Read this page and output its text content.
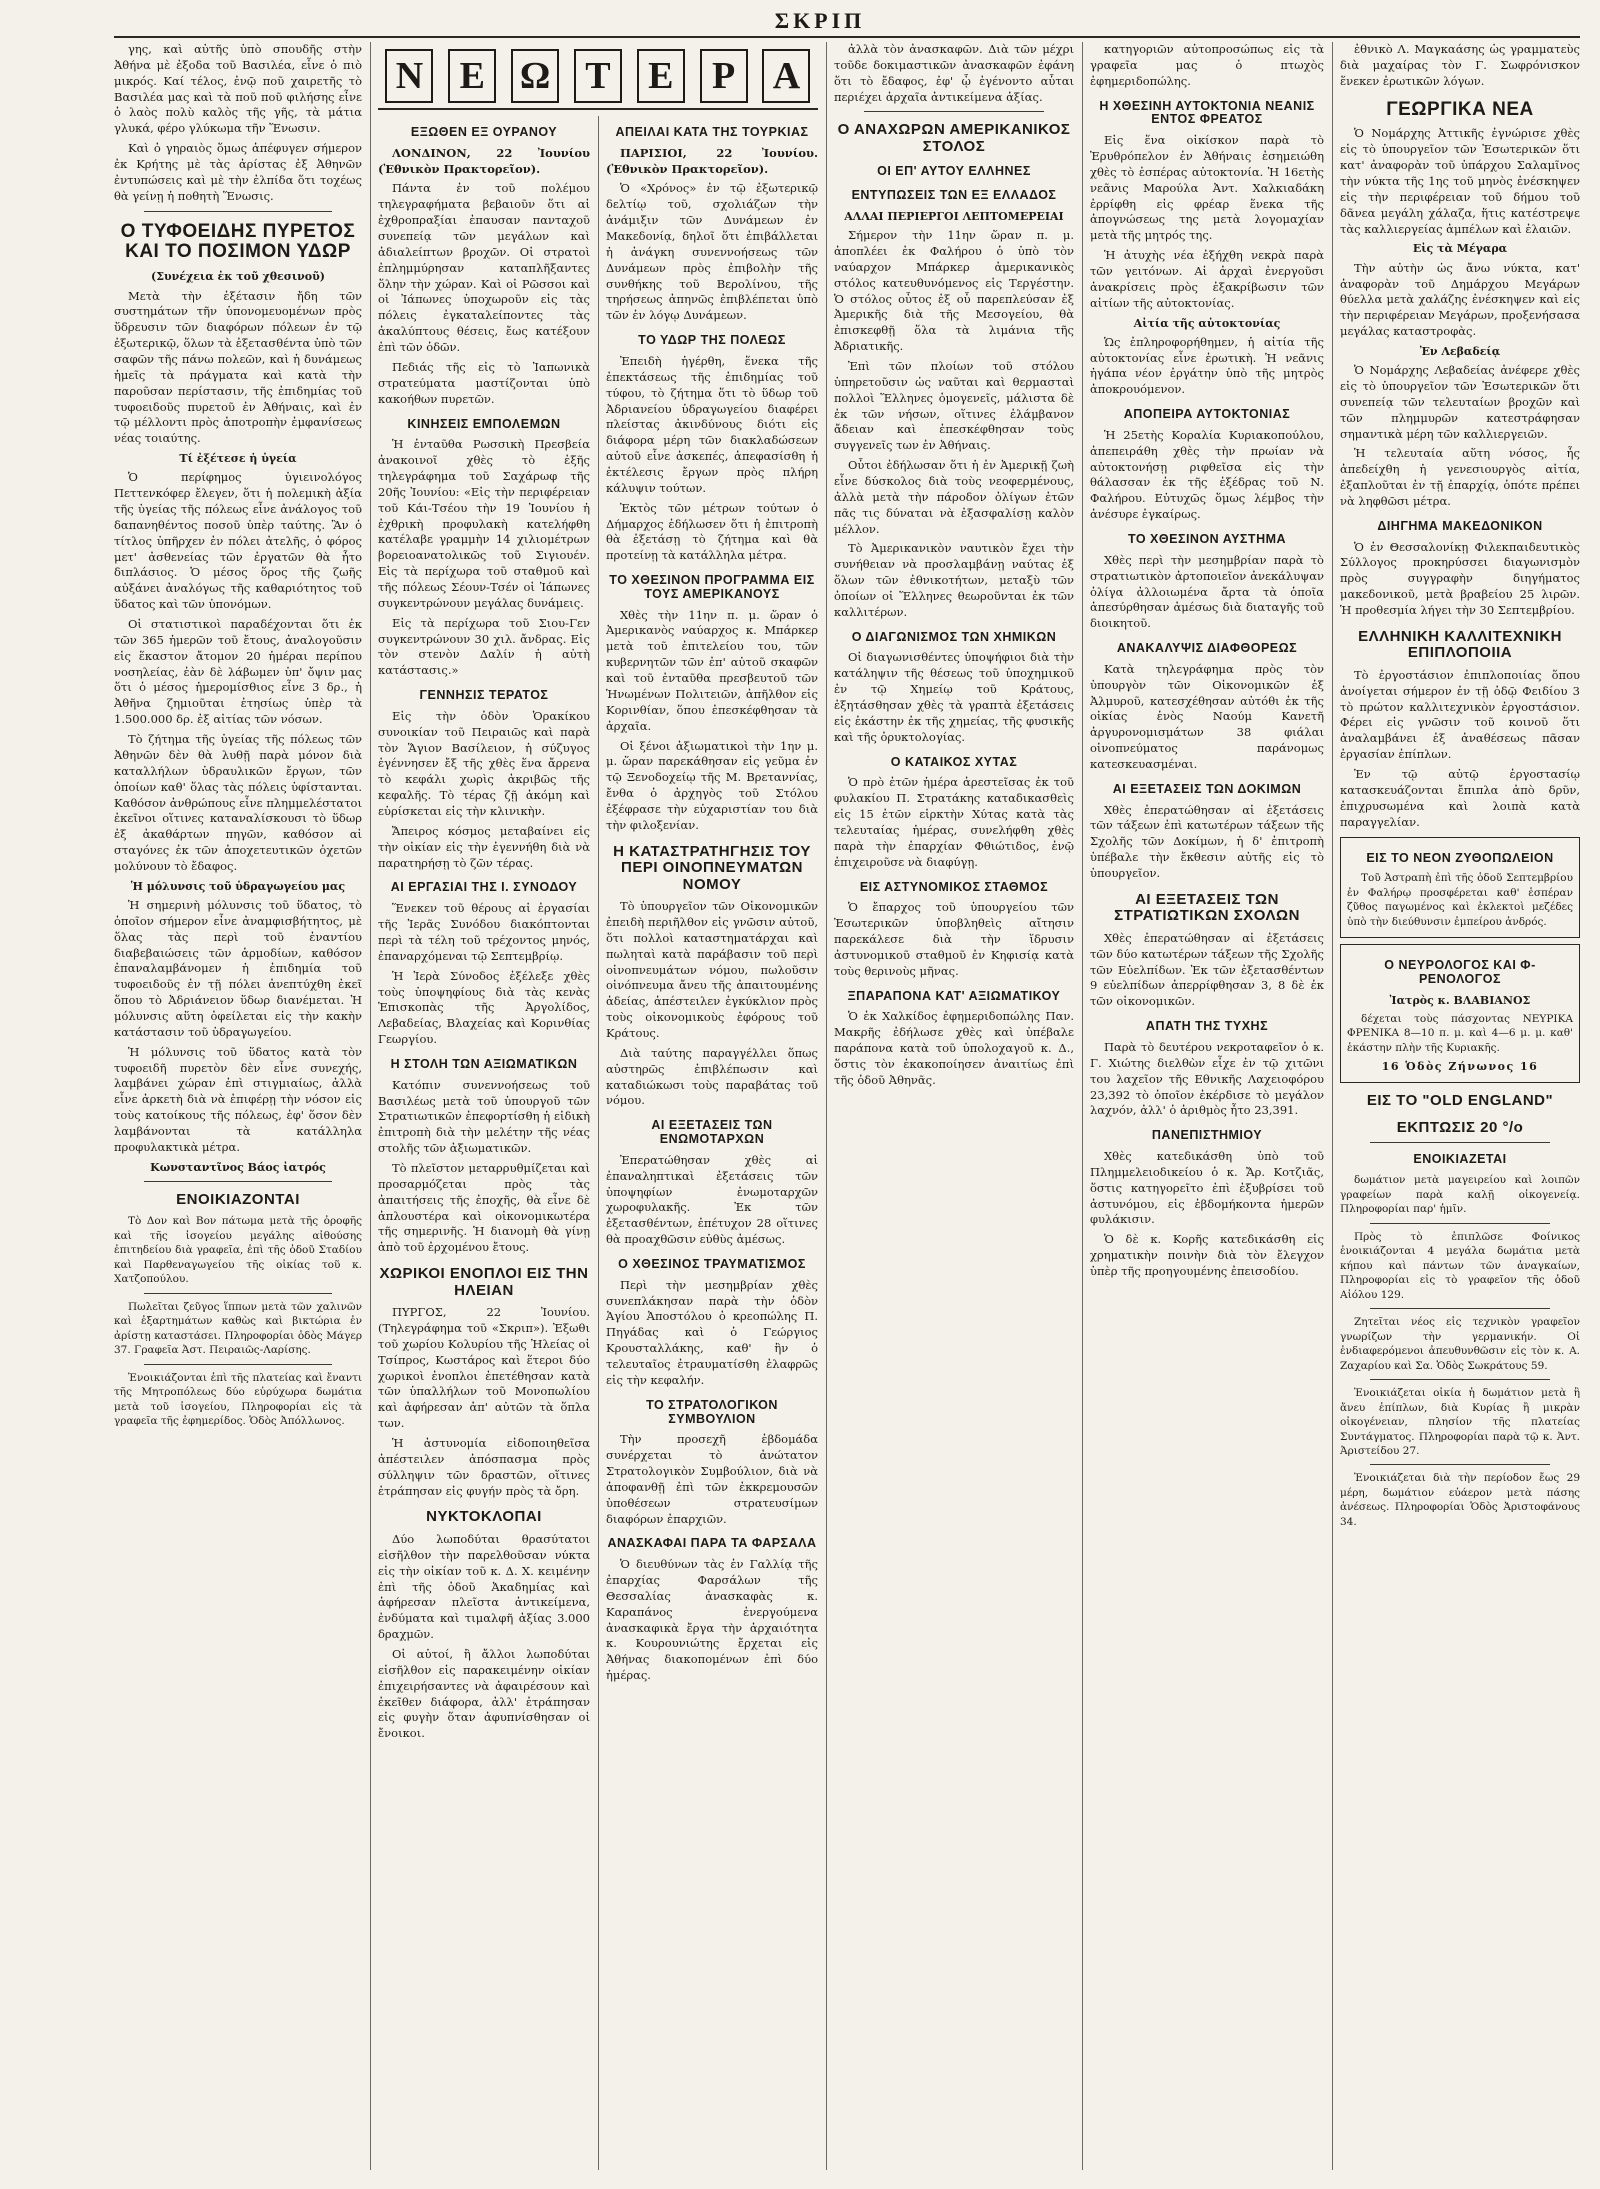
ΣΚΡΙΠ
Ν Ε Ω Τ Ε	Ρ Α

γης, καὶ αὐτῆς ὑπὸ σπουδῆς στὴν Ἀθήνα μὲ ἐξοδα τοῦ Βασιλέα, εἶνε ὁ πιὸ μικρός. Καί τέλος, ἐνῷ ποῦ χαιρετῆς τὸ Βασιλέα μας καὶ τὰ ποῦ ποῦ φιλήσης εἶνε ὁ λαὸς πολὺ καλὸς τῆς γῆς, τὰ μάτια γλυκά, φέρο γλύκωμα τῆν Ἕνωσιν.

Καὶ ὁ γηραιὸς ὅμως ἀπέφυγεν σήμερον ἐκ Κρήτης μὲ τὰς ἀρίστας ἐξ Ἀθηνῶν ἐντυπώσεις καὶ μὲ τὴν ἐλπίδα ὅτι τοχέως θὰ γείνῃ ἡ ποθητὴ Ἕνωσις.

Ο ΤΥΦΟΕΙΔΗΣ ΠΥΡΕΤΟΣ ΚΑΙ ΤΟ ΠΟΣΙΜΟΝ ΥΔΩΡ
(Συνέχεια ἐκ τοῦ χθεσινοῦ)

Μετὰ τὴν ἐξέτασιν ἤδη τῶν συστημάτων τῆν ὑπονομευομένων πρὸς ὕδρευσιν τῶν διαφόρων πόλεων ἐν τῷ ἐξωτερικῷ, ὅλων τὰ ἐξετασθέντα ὑπὸ τῶν σαφῶν τῆς πάνω πολεῶν, καὶ ἡ δυνάμεως ἡμεῖς τὰ πράγματα καὶ κατὰ τὴν παροῦσαν περίστασιν, τῆς ἐπιδημίας τοῦ τυφοειδοῦς πυρετοῦ ἐν Ἀθήναις, καὶ ἐν τῷ μέλλοντι πρὸς ἀποτροπὴν ἐμφανίσεως νέας τοιαύτης.

Τί ἐξέτεσε ἡ ὑγεία

Ὁ περίφημος ὑγιεινολόγος Πεττενκόφερ ἔλεγεν, ὅτι ἡ πολεμικὴ ἀξία τῆς ὑγείας τῆς πόλεως εἶνε ἀνάλογος τοῦ δαπανηθέντος ποσοῦ ὑπὲρ ταύτης. Ἂν ὁ τίτλος ὑπῆρχεν ἐν πόλει ἀτελῆς, ὁ φόρος μετ' ἀσθενείας τῶν ἐργατῶν θὰ ἦτο διπλάσιος. Ὁ μέσος ὅρος τῆς ζωῆς αὐξάνει ἀναλόγως τῆς καθαριότητος τοῦ ὕδατος καὶ τῶν ὑπονόμων.

Οἱ στατιστικοὶ παραδέχονται ὅτι ἐκ τῶν 365 ἡμερῶν τοῦ ἔτους, ἀναλογοῦσιν εἰς ἕκαστον ἄτομον 20 ἡμέραι περίπου νοσηλείας, ἐὰν δὲ λάβωμεν ὑπ' ὄψιν μας ὅτι ὁ μέσος ἡμερομίσθιος εἶνε 3 δρ., ἡ Ἀθῆνα ζημιοῦται ἐτησίως ὑπὲρ τὰ 1.500.000 δρ. ἐξ αἰτίας τῶν νόσων.

Τὸ ζήτημα τῆς ὑγείας τῆς πόλεως τῶν Ἀθηνῶν δὲν θὰ λυθῇ παρὰ μόνον διὰ καταλλήλων ὑδραυλικῶν ἔργων, τῶν ὁποίων καθ' ὅλας τὰς πόλεις ὑφίστανται. Καθόσον ἀνθρώπους εἶνε πλημμελέστατοι ἐκεῖνοι οἵτινες καταναλίσκουσι τὸ ὕδωρ ἐξ ἀκαθάρτων πηγῶν, καθόσον αἱ σταγόνες ἐκ τῶν ἀποχετευτικῶν ὀχετῶν μολύνουν τὸ ἔδαφος.

Ἡ μόλυνσις τοῦ ὑδραγωγείου μας

Ἡ σημερινὴ μόλυνσις τοῦ ὕδατος, τὸ ὁποῖον σήμερον εἶνε ἀναμφισβήτητος, μὲ ὅλας τὰς περὶ τοῦ ἐναντίου διαβεβαιώσεις τῶν ἁρμοδίων, καθόσον ἐπαναλαμβάνομεν ἡ ἐπιδημία τοῦ τυφοειδοῦς ἐν τῇ πόλει ἀνεπτύχθη ἐκεῖ ὅπου τὸ Ἀδριάνειον ὕδωρ διανέμεται. Ἡ μόλυνσις αὕτη ὀφείλεται εἰς τὴν κακὴν κατάστασιν τοῦ ὑδραγωγείου.

Ἡ μόλυνσις τοῦ ὕδατος κατὰ τὸν τυφοειδῆ πυρετὸν δὲν εἶνε συνεχής, λαμβάνει χώραν ἐπὶ στιγμιαίως, ἀλλὰ εἶνε ἀρκετὴ διὰ νὰ ἐπιφέρῃ τὴν νόσον εἰς τοὺς κατοίκους τῆς πόλεως, ἐφ' ὅσον δὲν λαμβάνονται τὰ κατάλληλα προφυλακτικὰ μέτρα.

Κωνσταντῖνος Βάος ἰατρός
ΕΝΟΙΚΙΑΖΟΝΤΑΙ

Τὸ Δον καὶ Βον πάτωμα μετὰ τῆς ὀροφῆς καὶ τῆς ἰσογείου μεγάλης αἰθούσης ἐπιτηδείου διὰ γραφεῖα, ἐπὶ τῆς ὁδοῦ Σταδίου καὶ Παρθεναγωγείου τῆς οἰκίας τοῦ κ. Χατζοπούλου.

Πωλεῖται ζεῦγος ἵππων μετὰ τῶν χαλινῶν καὶ ἐξαρτημάτων καθὼς καὶ βικτώρια ἐν ἀρίστῃ καταστάσει. Πληροφορίαι ὁδὸς Μάγερ 37. Γραφεῖα Ἀστ. Πειραιῶς-Λαρίσης.

Ἐνοικιάζονται ἐπὶ τῆς πλατείας καὶ ἔναντι τῆς Μητροπόλεως δύο εὐρύχωρα δωμάτια μετὰ τοῦ ἰσογείου, Πληροφορίαι εἰς τὰ γραφεῖα τῆς ἐφημερίδος. Ὁδὸς Ἀπόλλωνος.

ΕΞΩΘΕΝ ΕΞ ΟΥΡΑΝΟΥ

ΛΟΝΔΙΝΟΝ, 22 Ἰουνίου (Ἐθνικὸν Πρακτορεῖον).

Πάντα ἐν τοῦ πολέμου τηλεγραφήματα βεβαιοῦν ὅτι αἱ ἐχθροπραξίαι ἐπαυσαν πανταχοῦ συνεπείᾳ τῶν μεγάλων καὶ ἀδιαλείπτων βροχῶν. Οἱ στρατοὶ ἐπλημμύρησαν καταπλῆξαντες ὅλην τὴν χώραν. Καὶ οἱ Ρῶσσοι καὶ οἱ Ἰάπωνες ὑποχωροῦν εἰς τὰς πόλεις ἐγκαταλείποντες τὰς ἀκαλύπτους θέσεις, ἔως κατέξουν ἐπὶ τῶν ὁδῶν.

Πεδιάς τῆς εἰς τὸ Ἰαπωνικὰ στρατεύματα μαστίζονται ὑπὸ κακοήθων πυρετῶν.

ΚΙΝΗΣΕΙΣ ΕΜΠΟΛΕΜΩΝ

Ἡ ἐνταῦθα Ρωσσικὴ Πρεσβεία ἀνακοινοῖ χθὲς τὸ ἑξῆς τηλεγράφημα τοῦ Σαχάρωφ τῆς 20ῆς Ἰουνίου: «Εἰς τὴν περιφέρειαν τοῦ Κάι-Τσέου τὴν 19 Ἰουνίου ἡ ἐχθρικὴ προφυλακὴ κατελήφθη κατέλαβε γραμμὴν 14 χιλιομέτρων βορειοανατολικῶς τοῦ Σιγιουέν. Εἰς τὰ περίχωρα τοῦ σταθμοῦ καὶ τῆς πόλεως Σέουν-Τσέν οἱ Ἰάπωνες συγκεντρώνουν μεγάλας δυνάμεις.

Εἰς τὰ περίχωρα τοῦ Σιου-Γεν συγκεντρώνουν 30 χιλ. ἄνδρας. Εἰς τὸν στενὸν Δαλίν ἡ αὐτὴ κατάστασις.»

ΓΕΝΝΗΣΙΣ ΤΕΡΑΤΟΣ

Εἰς τὴν ὁδὸν Ὁρακίκου συνοικίαν τοῦ Πειραιῶς καὶ παρὰ τὸν Ἅγιον Βασίλειον, ἡ σύζυγος ἐγέννησεν ἔξ τῆς χθὲς ἕνα ἄρρενα τὸ κεφάλι χωρὶς ἀκριβῶς τῆς κεφαλῆς. Τὸ τέρας ζῇ ἀκόμη καὶ εὑρίσκεται εἰς τὴν κλινικὴν.

Ἄπειρος κόσμος μεταβαίνει εἰς τὴν οἰκίαν εἰς τὴν ἐγεννήθη διὰ νὰ παρατηρήσῃ τὸ ζῶν τέρας.

ΑΙ ΕΡΓΑΣΙΑΙ ΤΗΣ Ι. ΣΥΝΟΔΟΥ

Ἕνεκεν τοῦ θέρους αἱ ἐργασίαι τῆς Ἱερᾶς Συνόδου διακόπτονται περὶ τὰ τέλη τοῦ τρέχοντος μηνός, ἐπαναρχόμεναι τῷ Σεπτεμβρίῳ.

Ἡ Ἱερὰ Σύνοδος ἐξέλεξε χθὲς τοὺς ὑποψηφίους διὰ τὰς κενὰς Ἐπισκοπὰς τῆς Ἀργολίδος, Λεβαδείας, Βλαχείας καὶ Κορινθίας Γεωργίου.

Η ΣΤΟΛΗ ΤΩΝ ΑΞΙΩΜΑΤΙΚΩΝ

Κατόπιν συνεννοήσεως τοῦ Βασιλέως μετὰ τοῦ ὑπουργοῦ τῶν Στρατιωτικῶν ἐπεφορτίσθη ἡ εἰδικὴ ἐπιτροπὴ διὰ τὴν μελέτην τῆς νέας στολῆς τῶν ἀξιωματικῶν.

Τὸ πλεῖστον μεταρρυθμίζεται καὶ προσαρμόζεται πρὸς τὰς ἀπαιτήσεις τῆς ἐποχῆς, θὰ εἶνε δὲ ἁπλουστέρα καὶ οἰκονομικωτέρα τῆς σημερινῆς. Ἡ διανομὴ θὰ γίνῃ ἀπὸ τοῦ ἐρχομένου ἔτους.

ΧΩΡΙΚΟΙ ΕΝΟΠΛΟΙ ΕΙΣ ΤΗΝ ΗΛΕΙΑΝ

ΠΥΡΓΟΣ, 22 Ἰουνίου. (Τηλεγράφημα τοῦ «Σκριπ»). Ἐξωθι τοῦ χωρίου Κολυρίου τῆς Ἠλείας οἱ Τσίπρος, Κωστάρος καὶ ἕτεροι δύο χωρικοὶ ἐνοπλοι ἐπετέθησαν κατὰ τῶν ὑπαλλήλων τοῦ Μονοπωλίου καὶ ἀφήρεσαν ἀπ' αὐτῶν τὰ ὅπλα των.

Ἡ ἀστυνομία εἰδοποιηθεῖσα ἀπέστειλεν ἀπόσπασμα πρὸς σύλληψιν τῶν δραστῶν, οἵτινες ἐτράπησαν εἰς φυγήν πρὸς τὰ ὄρη.

ΝΥΚΤΟΚΛΟΠΑΙ

Δύο λωποδύται θρασύτατοι εἰσῆλθον τὴν παρελθοῦσαν νύκτα εἰς τὴν οἰκίαν τοῦ κ. Δ. Χ. κειμένην ἐπὶ τῆς ὁδοῦ Ἀκαδημίας καὶ ἀφήρεσαν πλεῖστα ἀντικείμενα, ἐνδύματα καὶ τιμαλφῆ ἀξίας 3.000 δραχμῶν.

Οἱ αὐτοί, ἢ ἄλλοι λωποδύται εἰσῆλθον εἰς παρακειμένην οἰκίαν ἐπιχειρήσαντες νὰ ἀφαιρέσουν καὶ ἐκεῖθεν διάφορα, ἀλλ' ἐτράπησαν εἰς φυγὴν ὅταν ἀφυπνίσθησαν οἱ ἔνοικοι.

ΑΠΕΙΛΑΙ ΚΑΤΑ ΤΗΣ ΤΟΥΡΚΙΑΣ

ΠΑΡΙΣΙΟΙ, 22 Ἰουνίου. (Ἐθνικὸν Πρακτορεῖον).

Ὁ «Χρόνος» ἐν τῷ ἐξωτερικῷ δελτίῳ τοῦ, σχολιάζων τὴν ἀνάμιξιν τῶν Δυνάμεων ἐν Μακεδονίᾳ, δηλοῖ ὅτι ἐπιβάλλεται ἡ ἀνάγκη συνεννοήσεως τῶν Δυνάμεων πρὸς ἐπιβολὴν τῆς συνθήκης τοῦ Βερολίνου, τῆς τηρήσεως ἀπηνῶς ἐπιβλέπεται ὑπὸ τῶν ἐν λόγῳ Δυνάμεων.

ΤΟ ΥΔΩΡ ΤΗΣ ΠΟΛΕΩΣ

Ἐπειδὴ ἠγέρθη, ἕνεκα τῆς ἐπεκτάσεως τῆς ἐπιδημίας τοῦ τύφου, τὸ ζήτημα ὅτι τὸ ὕδωρ τοῦ Ἀδριανείου ὑδραγωγείου διαφέρει πλείστας ἀκινδύνους διότι εἰς διάφορα μέρη τῶν διακλαδώσεων αὐτοῦ εἶνε ἀσκεπές, ἀπεφασίσθη ἡ ἐκτέλεσις ἔργων πρὸς πλήρη κάλυψιν τούτων.

Ἐκτὸς τῶν μέτρων τούτων ὁ Δήμαρχος ἐδήλωσεν ὅτι ἡ ἐπιτροπὴ θὰ ἐξετάσῃ τὸ ζήτημα καὶ θὰ προτείνῃ τὰ κατάλληλα μέτρα.

ΤΟ ΧΘΕΣΙΝΟΝ ΠΡΟΓΡΑΜΜΑ ΕΙΣ ΤΟΥΣ ΑΜΕΡΙΚΑΝΟΥΣ

Χθὲς τὴν 11ην π. μ. ὥραν ὁ Ἀμερικανὸς ναύαρχος κ. Μπάρκερ μετὰ τοῦ ἐπιτελείου του, τῶν κυβερνητῶν τῶν ἐπ' αὐτοῦ σκαφῶν καὶ τοῦ ἐνταῦθα πρεσβευτοῦ τῶν Ἡνωμένων Πολιτειῶν, ἀπῆλθον εἰς Κορινθίαν, ὅπου ἐπεσκέφθησαν τὰ ἀρχαῖα.

Οἱ ξένοι ἀξιωματικοὶ τὴν 1ην μ. μ. ὥραν παρεκάθησαν εἰς γεῦμα ἐν τῷ Ξενοδοχείῳ τῆς Μ. Βρεταννίας, ἔνθα ὁ ἀρχηγὸς τοῦ Στόλου ἐξέφρασε τὴν εὐχαριστίαν του διὰ τὴν φιλοξενίαν.

Η ΚΑΤΑΣΤΡΑΤΗΓΗΣΙΣ ΤΟΥ ΠΕΡΙ ΟΙΝΟΠΝΕΥΜΑΤΩΝ ΝΟΜΟΥ

Τὸ ὑπουργεῖον τῶν Οἰκονομικῶν ἐπειδὴ περιῆλθον εἰς γνῶσιν αὐτοῦ, ὅτι πολλοὶ καταστηματάρχαι καὶ πωληταὶ κατὰ παράβασιν τοῦ περὶ οἰνοπνευμάτων νόμου, πωλοῦσιν οἰνόπνευμα ἄνευ τῆς ἀπαιτουμένης ἀδείας, ἀπέστειλεν ἐγκύκλιον πρὸς τοὺς οἰκονομικοὺς ἐφόρους τοῦ Κράτους.

Διὰ ταύτης παραγγέλλει ὅπως αὐστηρῶς ἐπιβλέπωσιν καὶ καταδιώκωσι τοὺς παραβάτας τοῦ νόμου.

ΑΙ ΕΞΕΤΑΣΕΙΣ ΤΩΝ ΕΝΩΜΟΤΑΡΧΩΝ

Ἐπερατώθησαν χθὲς αἱ ἐπαναληπτικαὶ ἐξετάσεις τῶν ὑποψηφίων ἐνωμοταρχῶν χωροφυλακῆς. Ἐκ τῶν ἐξετασθέντων, ἐπέτυχον 28 οἵτινες θὰ προαχθῶσιν εὐθὺς ἀμέσως.

Ο ΧΘΕΣΙΝΟΣ ΤΡΑΥΜΑΤΙΣΜΟΣ

Περὶ τὴν μεσημβρίαν χθὲς συνεπλάκησαν παρὰ τὴν ὁδὸν Ἁγίου Ἀποστόλου ὁ κρεοπώλης Π. Πηγάδας καὶ ὁ Γεώργιος Κρουσταλλάκης, καθ' ἣν ὁ τελευταῖος ἐτραυματίσθη ἐλαφρῶς εἰς τὴν κεφαλήν.

ΤΟ ΣΤΡΑΤΟΛΟΓΙΚΟΝ ΣΥΜΒΟΥΛΙΟΝ

Τὴν προσεχῆ ἑβδομάδα συνέρχεται τὸ ἀνώτατον Στρατολογικὸν Συμβούλιον, διὰ νὰ ἀποφανθῇ ἐπὶ τῶν ἐκκρεμουσῶν ὑποθέσεων στρατευσίμων διαφόρων ἐπαρχιῶν.

ΑΝΑΣΚΑΦΑΙ ΠΑΡΑ ΤΑ ΦΑΡΣΑΛΑ

Ὁ διευθύνων τὰς ἐν Γαλλίᾳ τῆς ἐπαρχίας Φαρσάλων τῆς Θεσσαλίας ἀνασκαφὰς κ. Καραπάνος ἐνεργούμενα ἀνασκαφικὰ ἔργα τὴν ἀρχαιότητα κ. Κουρουνιώτης ἔρχεται εἰς Ἀθήνας διακοπομένων ἐπὶ δύο ἡμέρας.

ἀλλὰ τὸν ἀνασκαφῶν. Διὰ τῶν μέχρι τοῦδε δοκιμαστικῶν ἀνασκαφῶν ἐφάνη ὅτι τὸ ἔδαφος, ἐφ' ᾧ ἐγένοντο αὗται περιέχει ἀρχαῖα ἀντικείμενα ἀξίας.

Ο ΑΝΑΧΩΡΩΝ ΑΜΕΡΙΚΑΝΙΚΟΣ ΣΤΟΛΟΣ
ΟΙ ΕΠ' ΑΥΤΟΥ ΕΛΛΗΝΕΣ
ΕΝΤΥΠΩΣΕΙΣ ΤΩΝ ΕΞ ΕΛΛΑΔΟΣ
ΑΛΛΑΙ ΠΕΡΙΕΡΓΟΙ ΛΕΠΤΟΜΕΡΕΙΑΙ

Σήμερον τὴν 11ην ὥραν π. μ. ἀποπλέει ἐκ Φαλήρου ὁ ὑπὸ τὸν ναύαρχον Μπάρκερ ἀμερικανικὸς στόλος κατευθυνόμενος εἰς Τεργέστην. Ὁ στόλος οὗτος ἐξ οὗ παρεπλεύσαν ἐξ Ἀμερικῆς διὰ τῆς Μεσογείου, θὰ ἐπισκεφθῇ ὅλα τὰ λιμάνια τῆς Ἀδριατικῆς.

Ἐπὶ τῶν πλοίων τοῦ στόλου ὑπηρετοῦσιν ὡς ναῦται καὶ θερμασταὶ πολλοὶ Ἕλληνες ὁμογενεῖς, μάλιστα δὲ ἐκ τῶν νήσων, οἵτινες ἐλάμβανον ἄδειαν καὶ ἐπεσκέφθησαν τοὺς συγγενεῖς των ἐν Ἀθήναις.

Οὗτοι ἐδήλωσαν ὅτι ἡ ἐν Ἀμερικῇ ζωὴ εἶνε δύσκολος διὰ τοὺς νεοφερμένους, ἀλλὰ μετὰ τὴν πάροδον ὀλίγων ἐτῶν πᾶς τις δύναται νὰ ἐξασφαλίσῃ καλὸν μέλλον.

Τὸ Ἀμερικανικὸν ναυτικὸν ἔχει τὴν συνήθειαν νὰ προσλαμβάνῃ ναύτας ἐξ ὅλων τῶν ἐθνικοτήτων, μεταξὺ τῶν ὁποίων οἱ Ἕλληνες θεωροῦνται ἐκ τῶν καλλιτέρων.

Ο ΔΙΑΓΩΝΙΣΜΟΣ ΤΩΝ ΧΗΜΙΚΩΝ

Οἱ διαγωνισθέντες ὑποψήφιοι διὰ τὴν κατάληψιν τῆς θέσεως τοῦ ὑποχημικοῦ ἐν τῷ Χημείῳ τοῦ Κράτους, ἐξητάσθησαν χθὲς τὰ γραπτὰ ἐξετάσεις εἰς ἑκάστην ἐκ τῆς χημείας, τῆς φυσικῆς καὶ τῆς ὀρυκτολογίας.

Ο ΚΑΤΑΙΚΟΣ ΧΥΤΑΣ

Ὁ πρὸ ἐτῶν ἡμέρα ἀρεστεῖσας ἐκ τοῦ φυλακίου Π. Στρατάκης καταδικασθεὶς εἰς 15 ἐτῶν εἱρκτὴν Χύτας κατὰ τὰς τελευταίας ἡμέρας, συνελήφθη χθὲς παρὰ τὴν ἐπαρχίαν Φθιώτιδος, ἐνῷ ἐπιχειροῦσε νὰ διαφύγῃ.

ΕΙΣ ΑΣΤΥΝΟΜΙΚΟΣ ΣΤΑΘΜΟΣ

Ὁ ἔπαρχος τοῦ ὑπουργείου τῶν Ἐσωτερικῶν ὑποβληθεὶς αἴτησιν παρεκάλεσε διὰ τὴν ἵδρυσιν ἀστυνομικοῦ σταθμοῦ ἐν Κηφισίᾳ κατὰ τοὺς θερινοὺς μῆνας.

ΞΠΑΡΑΠΟΝΑ ΚΑΤ' ΑΞΙΩΜΑΤΙΚΟΥ

Ὁ ἐκ Χαλκίδος ἐφημεριδοπώλης Παν. Μακρῆς ἐδήλωσε χθὲς καὶ ὑπέβαλε παράπονα κατὰ τοῦ ὑπολοχαγοῦ κ. Δ., ὅστις τὸν ἐκακοποίησεν ἀναιτίως ἐπὶ τῆς ὁδοῦ Ἀθηνᾶς.

κατηγοριῶν αὐτοπροσώπως εἰς τὰ γραφεῖα μας ὁ πτωχὸς ἐφημεριδοπώλης.

Η ΧΘΕΣΙΝΗ ΑΥΤΟΚΤΟΝΙΑ ΝΕΑΝΙΣ ΕΝΤΟΣ ΦΡΕΑΤΟΣ

Εἰς ἕνα οἰκίσκον παρὰ τὸ Ἐρυθρόπελον ἐν Ἀθήναις ἐσημειώθη χθὲς τὸ ἑσπέρας αὐτοκτονία. Ἡ 16ετὴς νεᾶνις Μαρούλα Ἀντ. Χαλκιαδάκη ἐρρίφθη εἰς φρέαρ ἕνεκα τῆς ἀπογνώσεως της μετὰ λογομαχίαν μετὰ τῆς μητρός της.

Ἡ ἀτυχὴς νέα ἐξήχθη νεκρὰ παρὰ τῶν γειτόνων. Αἱ ἀρχαὶ ἐνεργοῦσι ἀνακρίσεις πρὸς ἐξακρίβωσιν τῶν αἰτίων τῆς αὐτοκτονίας.

Αἰτία τῆς αὐτοκτονίας

Ὡς ἐπληροφορήθημεν, ἡ αἰτία τῆς αὐτοκτονίας εἶνε ἐρωτικὴ. Ἡ νεᾶνις ἠγάπα νέον ἐργάτην ὑπὸ τῆς μητρὸς ἀποκρουόμενον.

ΑΠΟΠΕΙΡΑ ΑΥΤΟΚΤΟΝΙΑΣ

Ἡ 25ετὴς Κοραλία Κυριακοπούλου, ἀπεπειράθη χθὲς τὴν πρωίαν νὰ αὐτοκτονήσῃ ριφθεῖσα εἰς τὴν θάλασσαν ἐκ τῆς ἐξέδρας τοῦ Ν. Φαλήρου. Εὐτυχῶς ὅμως λέμβος τὴν ἀνέσυρε ἐγκαίρως.

ΤΟ ΧΘΕΣΙΝΟΝ ΑΥΣΤΗΜΑ

Χθὲς περὶ τὴν μεσημβρίαν παρὰ τὸ στρατιωτικὸν ἀρτοποιεῖον ἀνεκάλυψαν ὀλίγα ἀλλοιωμένα ἄρτα τὰ ὁποῖα ἀπεσύρθησαν ἀμέσως διὰ διαταγῆς τοῦ διοικητοῦ.

ΑΝΑΚΑΛΥΨΙΣ ΔΙΑΦΘΟΡΕΩΣ

Κατὰ τηλεγράφημα πρὸς τὸν ὑπουργὸν τῶν Οἰκονομικῶν ἐξ Ἀλμυροῦ, κατεσχέθησαν αὐτόθι ἐκ τῆς οἰκίας ἑνὸς Ναούμ Κανετῆ ἀργυρονομισμάτων 38 φιάλαι οἰνοπνεύματος παράνομως κατεσκευασμέναι.

ΑΙ ΕΞΕΤΑΣΕΙΣ ΤΩΝ ΔΟΚΙΜΩΝ

Χθὲς ἐπερατώθησαν αἱ ἐξετάσεις τῶν τάξεων ἐπὶ κατωτέρων τάξεων τῆς Σχολῆς τῶν Δοκίμων, ἡ δ' ἐπιτροπὴ ὑπέβαλε τὴν ἔκθεσιν αὐτῆς εἰς τὸ ὑπουργεῖον.

ΑΙ ΕΞΕΤΑΣΕΙΣ ΤΩΝ ΣΤΡΑΤΙΩΤΙΚΩΝ ΣΧΟΛΩΝ

Χθὲς ἐπερατώθησαν αἱ ἐξετάσεις τῶν δύο κατωτέρων τάξεων τῆς Σχολῆς τῶν Εὐελπίδων. Ἐκ τῶν ἐξετασθέντων 9 εὐελπίδων ἀπερρίφθησαν 3, 8 δὲ ἐκ τῶν οἰκονομικῶν.

ΑΠΑΤΗ ΤΗΣ ΤΥΧΗΣ

Παρὰ τὸ δευτέρου νεκροταφεῖον ὁ κ. Γ. Χιώτης διελθὼν εἶχε ἐν τῷ χιτῶνι του λαχεῖον τῆς Εθνικῆς Λαχειοφόρου 23,392 τὸ ὁποῖον ἐκέρδισε τὸ μεγάλον λαχνόν, ἀλλ' ὁ ἀριθμὸς ἦτο 23,391.

ΠΑΝΕΠΙΣΤΗΜΙΟΥ

Χθὲς κατεδικάσθη ὑπὸ τοῦ Πλημμελειοδικείου ὁ κ. Ἄρ. Κοτζιᾶς, ὅστις κατηγορεῖτο ἐπὶ ἐξυβρίσει τοῦ ἀστυνόμου, εἰς ἑβδομήκοντα ἡμερῶν φυλάκισιν.

Ὁ δὲ κ. Κορῆς κατεδικάσθη εἰς χρηματικὴν ποινὴν διὰ τὸν ἔλεγχον ὑπὲρ τῆς προηγουμένης ἐπεισοδίου.

ἐθνικὸ Λ. Μαγκαάσης ὡς γραμματεὺς διὰ μαχαίρας τὸν Γ. Σωφρόνισκον ἕνεκεν ἐρωτικῶν λόγων.

ΓΕΩΡΓΙΚΑ ΝΕΑ

Ὁ Νομάρχης Ἀττικῆς ἐγνώρισε χθὲς εἰς τὸ ὑπουργεῖον τῶν Ἐσωτερικῶν ὅτι κατ' ἀναφορὰν τοῦ ὑπάρχου Σαλαμῖνος τὴν νύκτα τῆς 1ης τοῦ μηνὸς ἐνέσκηψεν εἰς τὴν περιφέρειαν τοῦ δήμου τοῦ δᾶνεα μεγάλη χάλαζα, ἥτις κατέστρεψε τὰς καλλιεργείας ἀμπέλων καὶ ἐλαιῶν.

Εἰς τὰ Μέγαρα

Τὴν αὐτὴν ὡς ἄνω νύκτα, κατ' ἀναφορὰν τοῦ Δημάρχου Μεγάρων θύελλα μετὰ χαλάζης ἐνέσκηψεν καὶ εἰς τὴν περιφέρειαν Μεγάρων, προξενήσασα μεγάλας καταστροφὰς.

Ἐν Λεβαδείᾳ

Ὁ Νομάρχης Λεβαδείας ἀνέφερε χθὲς εἰς τὸ ὑπουργεῖον τῶν Ἐσωτερικῶν ὅτι συνεπείᾳ τῶν τελευταίων βροχῶν καὶ τῶν πλημμυρῶν κατεστράφησαν σημαντικὰ μέρη τῶν καλλιεργειῶν.

Ἡ τελευταία αὕτη νόσος, ἧς ἀπεδείχθη ἡ γενεσιουργὸς αἰτία, ἐξαπλοῦται ἐν τῇ ἐπαρχίᾳ, ὁπότε πρέπει νὰ ληφθῶσι μέτρα.

ΔΙΗΓΗΜΑ ΜΑΚΕΔΟΝΙΚΟΝ

Ὁ ἐν Θεσσαλονίκῃ Φιλεκπαιδευτικὸς Σύλλογος προκηρύσσει διαγωνισμὸν πρὸς συγγραφὴν διηγήματος μακεδονικοῦ, μετὰ βραβείου 25 λιρῶν. Ἡ προθεσμία λήγει τὴν 30 Σεπτεμβρίου.

ΕΛΛΗΝΙΚΗ ΚΑΛΛΙΤΕΧΝΙΚΗ ΕΠΙΠΛΟΠΟΙΙΑ

Τὸ ἐργοστάσιον ἐπιπλοποιίας ὅπου ἀνοίγεται σήμερον ἐν τῇ ὁδῷ Φειδίου 3 τὸ πρώτον καλλιτεχνικὸν ἐργοστάσιον. Φέρει εἰς γνῶσιν τοῦ κοινοῦ ὅτι ἀναλαμβάνει ἐξ ἀναθέσεως πᾶσαν ἐργασίαν ἐπίπλων.

Ἐν τῷ αὐτῷ ἐργοστασίῳ κατασκευάζονται ἔπιπλα ἀπὸ δρῦν, ἐπιχρυσωμένα καὶ λοιπὰ κατὰ παραγγελίαν.

ΕΙΣ ΤΟ ΝΕΟΝ ΖΥΘΟΠΩΛΕΙΟΝ

Τοῦ Ἀστραπὴ ἐπὶ τῆς ὁδοῦ Σεπτεμβρίου ἐν Φαλήρῳ προσφέρεται καθ' ἑσπέραν ζῦθος παγωμένος καὶ ἐκλεκτοὶ μεζέδες ὑπὸ τὴν διεύθυνσιν ἐμπείρου ἀνδρός.

Ο ΝΕΥΡΟΛΟΓΟΣ ΚΑΙ Φ-ΡΕΝΟΛΟΓΟΣ
Ἰατρὸς κ. ΒΛΑΒΙΑΝΟΣ

δέχεται τοὺς πάσχοντας ΝΕΥΡΙΚΑ ΦΡΕΝΙΚΑ 8—10 π. μ. καὶ 4—6 μ. μ. καθ' ἑκάστην πλὴν τῆς Κυριακῆς.

16 Ὁδὸς Ζήνωνος 16
ΕΙΣ ΤΟ "OLD ENGLAND"
ΕΚΠΤΩΣΙΣ 20 °/ο
ΕΝΟΙΚΙΑΖΕΤΑΙ

δωμάτιον μετὰ μαγειρείου καὶ λοιπῶν γραφείων παρὰ καλῇ οἰκογενείᾳ. Πληροφορίαι παρ' ἡμῖν.

Πρὸς τὸ ἐπιπλῶσε Φοίνικος ἐνοικιάζονται 4 μεγάλα δωμάτια μετὰ κήπου καὶ πάντων τῶν ἀναγκαίων, Πληροφορίαι εἰς τὸ γραφεῖον τῆς ὁδοῦ Αἰόλου 129.

Ζητεῖται νέος εἰς τεχνικὸν γραφεῖον γνωρίζων τὴν γερμανικήν. Οἱ ἐνδιαφερόμενοι ἀπευθυνθῶσιν εἰς τὸν κ. Α. Ζαχαρίου καὶ Σα. Ὁδὸς Σωκράτους 59.

Ἐνοικιάζεται οἰκία ἡ δωμάτιον μετὰ ἢ ἄνευ ἐπίπλων, διὰ Κυρίας ἢ μικρὰν οἰκογένειαν, πλησίον τῆς πλατείας Συντάγματος. Πληροφορίαι παρὰ τῷ κ. Ἀντ. Ἀριστείδου 27.

Ἐνοικιάζεται διὰ τὴν περίοδον ἔως 29 μέρη, δωμάτιον εὐάερον μετὰ πάσης ἀνέσεως. Πληροφορίαι Ὁδὸς Ἀριστοφάνους 34.
